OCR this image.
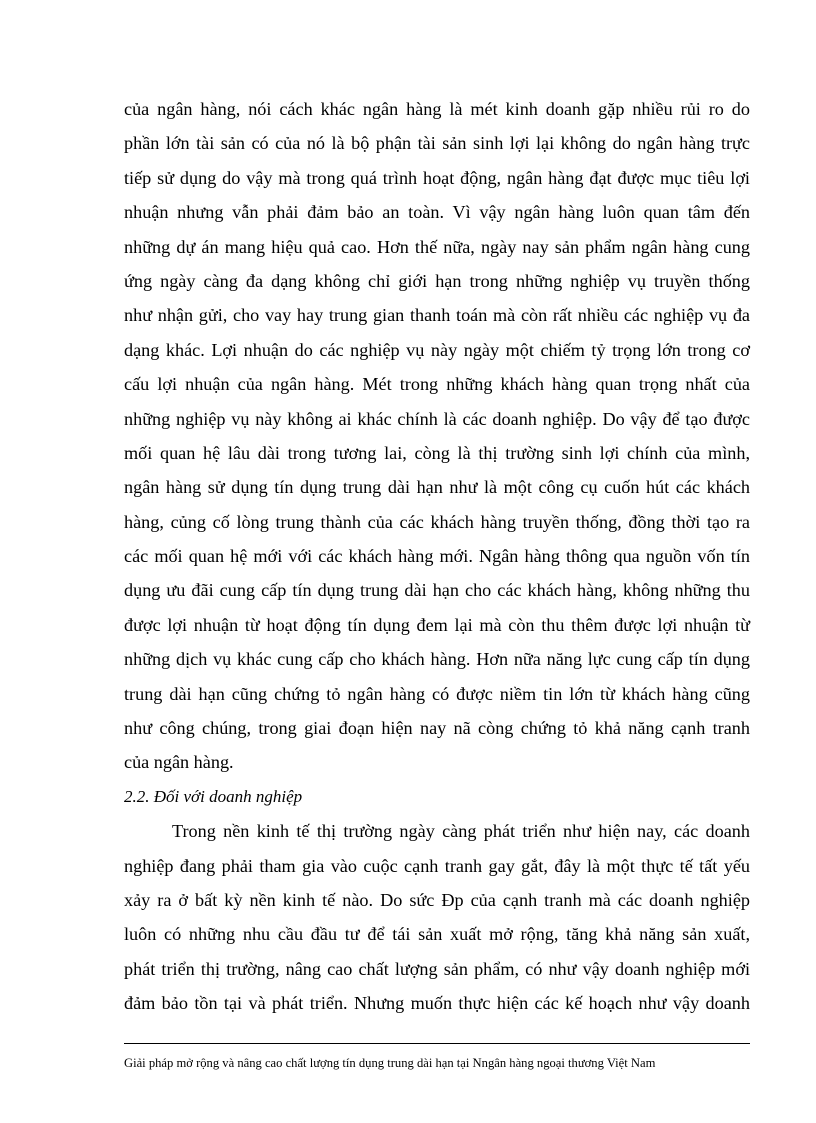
của ngân hàng, nói cách khác ngân hàng là mét kinh doanh gặp nhiều rủi ro do
phần lớn tài sản có của nó là bộ phận tài sản sinh lợi lại không do ngân hàng trực
tiếp sử dụng do vậy mà trong quá trình hoạt động, ngân hàng đạt được mục tiêu lợi
nhuận nhưng vẫn phải đảm bảo an toàn. Vì vậy ngân hàng luôn quan tâm đến
những dự án mang hiệu quả cao. Hơn thế nữa, ngày nay sản phẩm ngân hàng cung
ứng ngày càng đa dạng không chỉ giới hạn trong những nghiệp vụ truyền thống
như nhận gửi, cho vay hay trung gian thanh toán mà còn rất nhiều các nghiệp vụ đa
dạng khác. Lợi nhuận do các nghiệp vụ này ngày một chiếm tỷ trọng lớn trong cơ
cấu lợi nhuận của ngân hàng. Mét trong những khách hàng quan trọng nhất của
những nghiệp vụ này không ai khác chính là các doanh nghiệp. Do vậy để tạo được
mối quan hệ lâu dài trong tương lai, còng là thị trường sinh lợi chính của mình,
ngân hàng sử dụng tín dụng trung dài hạn như là một công cụ cuốn hút các khách
hàng, củng cố lòng trung thành của các khách hàng truyền thống, đồng thời tạo ra
các mối quan hệ mới với các khách hàng mới. Ngân hàng thông qua nguồn vốn tín
dụng ưu đãi cung cấp tín dụng trung dài hạn cho các khách hàng, không những thu
được lợi nhuận từ hoạt động tín dụng đem lại mà còn thu thêm được lợi nhuận từ
những dịch vụ khác cung cấp cho khách hàng. Hơn nữa năng lực cung cấp tín dụng
trung dài hạn cũng chứng tỏ ngân hàng có được niềm tin lớn từ khách hàng cũng
như công chúng, trong giai đoạn hiện nay nã còng chứng tỏ khả năng cạnh tranh
của ngân hàng.
2.2. Đối với doanh nghiệp
Trong nền kinh tế thị trường ngày càng phát triển như hiện nay, các doanh
nghiệp đang phải tham gia vào cuộc cạnh tranh gay gắt, đây là một thực tế tất yếu
xảy ra ở bất kỳ nền kinh tế nào. Do sức Đp của cạnh tranh mà các doanh nghiệp
luôn có những nhu cầu đầu tư để tái sản xuất mở rộng, tăng khả năng sản xuất,
phát triển thị trường, nâng cao chất lượng sản phẩm, có như vậy doanh nghiệp mới
đảm bảo tồn tại và phát triển. Nhưng muốn thực hiện các kế hoạch như vậy doanh
Giải pháp mở rộng và nâng cao chất lượng tín dụng trung dài hạn tại Nngân hàng ngoại thương Việt Nam
